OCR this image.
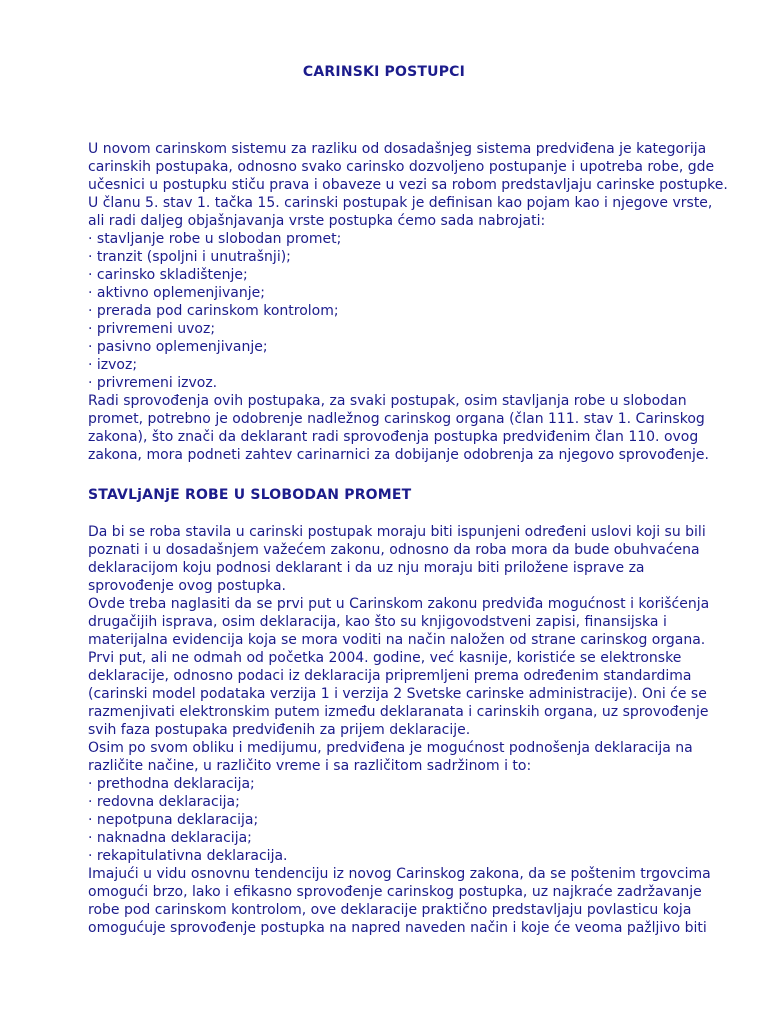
CARINSKI POSTUPCI
U novom carinskom sistemu za razliku od dosadašnjeg sistema predviđena je kategorija
carinskih postupaka, odnosno svako carinsko dozvoljeno postupanje i upotreba robe, gde
učesnici u postupku stiču prava i obaveze u vezi sa robom predstavljaju carinske postupke.
U članu 5. stav 1. tačka 15. carinski postupak je definisan kao pojam kao i njegove vrste,
ali radi daljeg objašnjavanja vrste postupka ćemo sada nabrojati:
· stavljanje robe u slobodan promet;
· tranzit (spoljni i unutrašnji);
· carinsko skladištenje;
· aktivno oplemenjivanje;
· prerada pod carinskom kontrolom;
· privremeni uvoz;
· pasivno oplemenjivanje;
· izvoz;
· privremeni izvoz.
Radi sprovođenja ovih postupaka, za svaki postupak, osim stavljanja robe u slobodan
promet, potrebno je odobrenje nadležnog carinskog organa (član 111. stav 1. Carinskog
zakona), što znači da deklarant radi sprovođenja postupka predviđenim član 110. ovog
zakona, mora podneti zahtev carinarnici za dobijanje odobrenja za njegovo sprovođenje.
STAVLjANjE ROBE U SLOBODAN PROMET
Da bi se roba stavila u carinski postupak moraju biti ispunjeni određeni uslovi koji su bili
poznati i u dosadašnjem važećem zakonu, odnosno da roba mora da bude obuhvaćena
deklaracijom koju podnosi deklarant i da uz nju moraju biti priložene isprave za
sprovođenje ovog postupka.
Ovde treba naglasiti da se prvi put u Carinskom zakonu predviđa mogućnost i korišćenja
drugačijih isprava, osim deklaracija, kao što su knjigovodstveni zapisi, finansijska i
materijalna evidencija koja se mora voditi na način naložen od strane carinskog organa.
Prvi put, ali ne odmah od početka 2004. godine, već kasnije, koristiće se elektronske
deklaracije, odnosno podaci iz deklaracija pripremljeni prema određenim standardima
(carinski model podataka verzija 1 i verzija 2 Svetske carinske administracije). Oni će se
razmenjivati elektronskim putem između deklaranata i carinskih organa, uz sprovođenje
svih faza postupaka predviđenih za prijem deklaracije.
Osim po svom obliku i medijumu, predviđena je mogućnost podnošenja deklaracija na
različite načine, u različito vreme i sa različitom sadržinom i to:
· prethodna deklaracija;
· redovna deklaracija;
· nepotpuna deklaracija;
· naknadna deklaracija;
· rekapitulativna deklaracija.
Imajući u vidu osnovnu tendenciju iz novog Carinskog zakona, da se poštenim trgovcima
omogući brzo, lako i efikasno sprovođenje carinskog postupka, uz najkraće zadržavanje
robe pod carinskom kontrolom, ove deklaracije praktično predstavljaju povlasticu koja
omogućuje sprovođenje postupka na napred naveden način i koje će veoma pažljivo biti
